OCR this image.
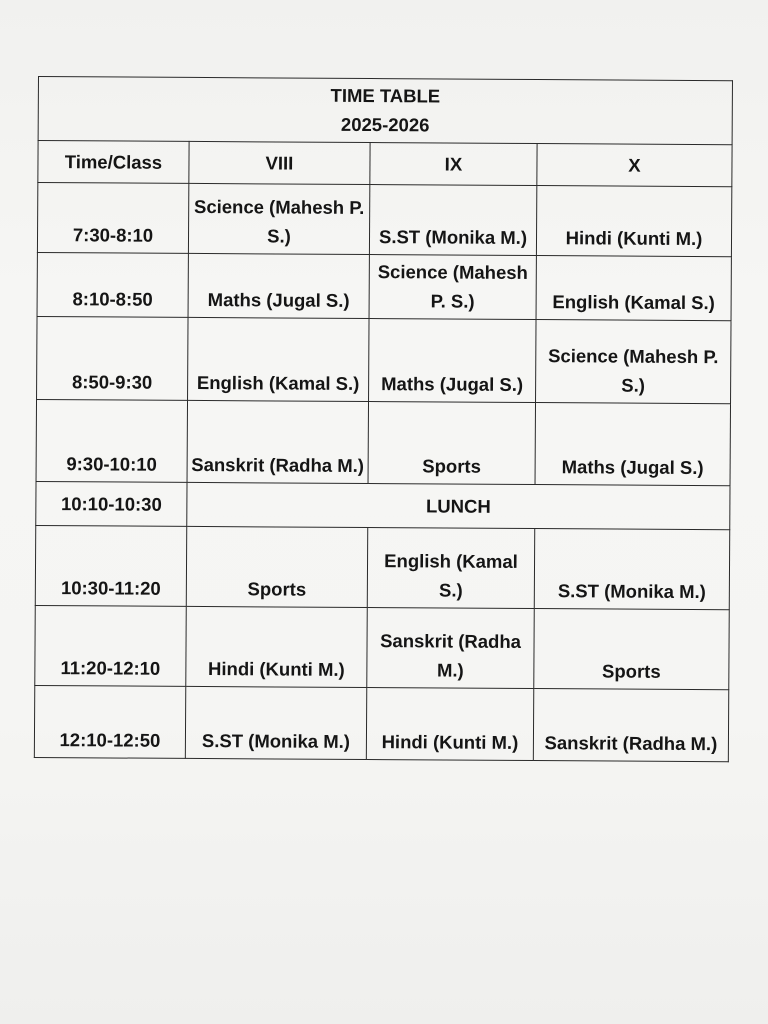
TIME TABLE
2025-2026			

Time/Class	VIII	IX	X
7:30-8:10	Science (Mahesh P. S.)	S.ST (Monika M.)	Hindi (Kunti M.)
8:10-8:50	Maths (Jugal S.)	Science (Mahesh P. S.)	English (Kamal S.)
8:50-9:30	English (Kamal S.)	Maths (Jugal S.)	Science (Mahesh P. S.)
9:30-10:10	Sanskrit (Radha M.)	Sports	Maths (Jugal S.)
10:10-10:30	LUNCH		
10:30-11:20	Sports	English (Kamal S.)	S.ST (Monika M.)
11:20-12:10	Hindi (Kunti M.)	Sanskrit (Radha M.)	Sports
12:10-12:50	S.ST (Monika M.)	Hindi (Kunti M.)	Sanskrit (Radha M.)
